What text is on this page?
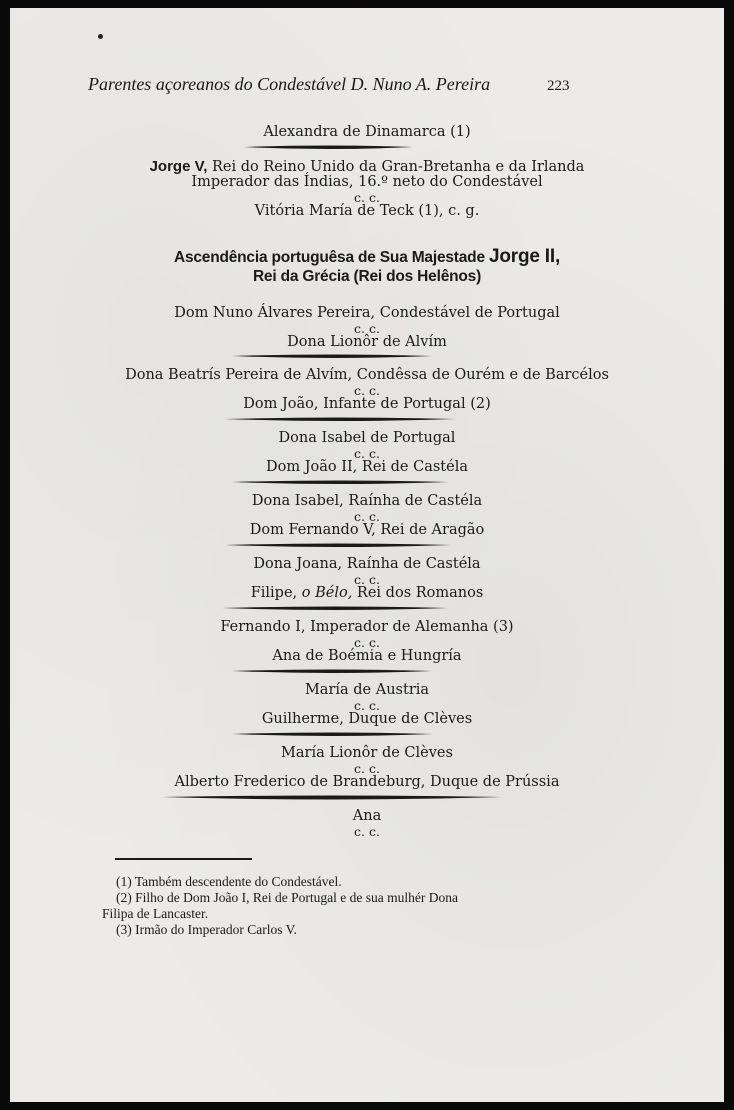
Parentes açoreanos do Condestável D. Nuno A. Pereira	223
Alexandra de Dinamarca (1)
Jorge V, Rei do Reino Unido da Gran-Bretanha e da Irlanda
Imperador das Índias, 16.º neto do Condestável
c. c.
Vitória María de Teck (1), c. g.
Ascendência portuguêsa de Sua Majestade Jorge II,
Rei da Grécia (Rei dos Helênos)
Dom Nuno Álvares Pereira, Condestável de Portugal
c. c.
Dona Lionôr de Alvím
Dona Beatrís Pereira de Alvím, Condêssa de Ourém e de Barcélos
c. c.
Dom João, Infante de Portugal (2)
Dona Isabel de Portugal
c. c.
Dom João II, Rei de Castéla
Dona Isabel, Raínha de Castéla
c. c.
Dom Fernando V, Rei de Aragão
Dona Joana, Raínha de Castéla
c. c.
Filipe, o Bélo, Rei dos Romanos
Fernando I, Imperador de Alemanha (3)
c. c.
Ana de Boémia e Hungría
María de Austria
c. c.
Guilherme, Duque de Clèves
María Lionôr de Clèves
c. c.
Alberto Frederico de Brandeburg, Duque de Prússia
Ana
c. c.
(1) Também descendente do Condestável.
(2) Filho de Dom João I, Rei de Portugal e de sua mulhér Dona
Filipa de Lancaster.
(3) Irmão do Imperador Carlos V.
